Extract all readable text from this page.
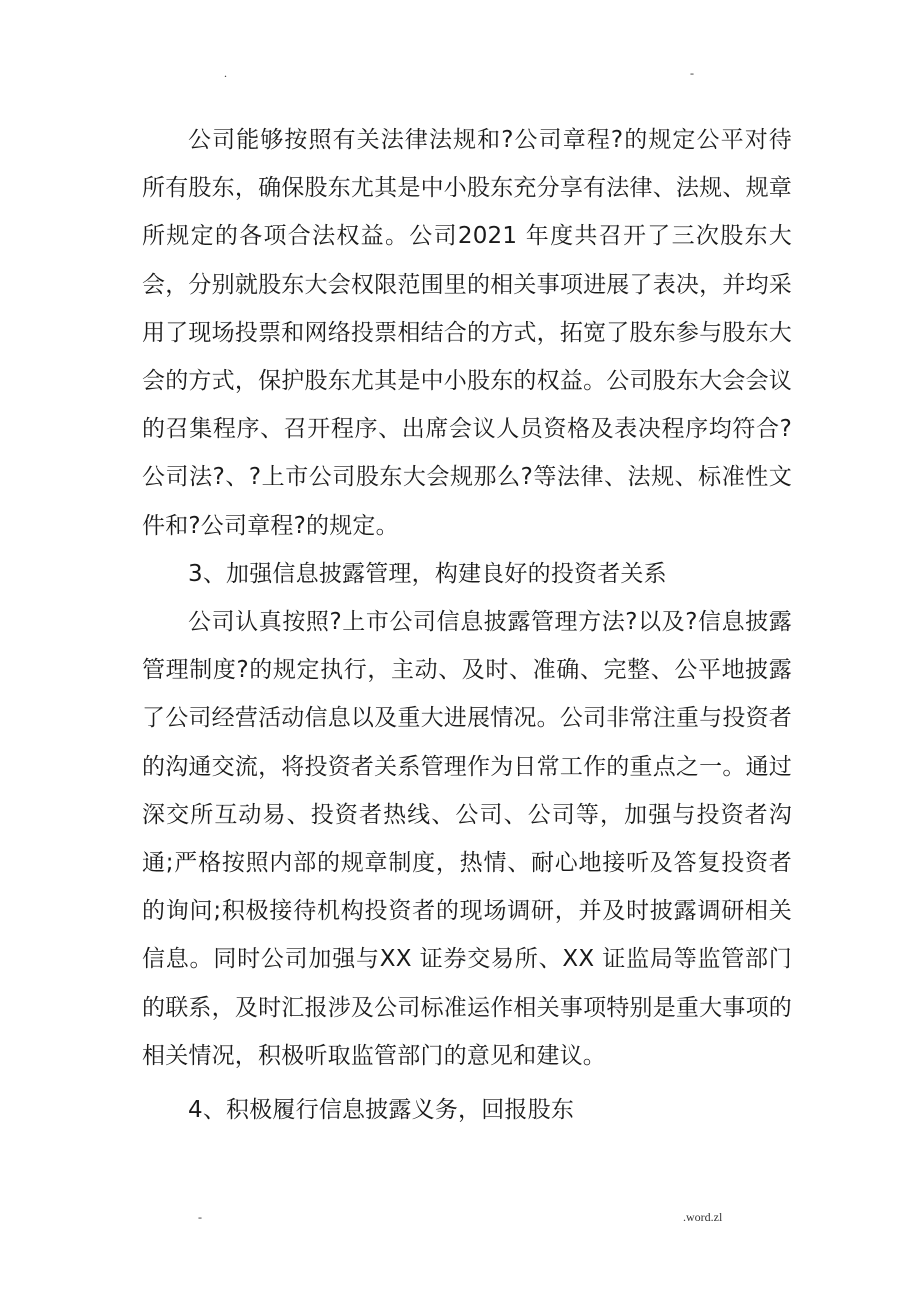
.	-

公司能够按照有关法律法规和?公司章程?的规定公平对待所有股东，确保股东尤其是中小股东充分享有法律、法规、规章所规定的各项合法权益。公司2021 年度共召开了三次股东大会，分别就股东大会权限范围里的相关事项进展了表决，并均采用了现场投票和网络投票相结合的方式，拓宽了股东参与股东大会的方式，保护股东尤其是中小股东的权益。公司股东大会会议的召集程序、召开程序、出席会议人员资格及表决程序均符合?公司法?、?上市公司股东大会规那么?等法律、法规、标准性文件和?公司章程?的规定。

3、加强信息披露管理，构建良好的投资者关系

公司认真按照?上市公司信息披露管理方法?以及?信息披露管理制度?的规定执行，主动、及时、准确、完整、公平地披露了公司经营活动信息以及重大进展情况。公司非常注重与投资者的沟通交流，将投资者关系管理作为日常工作的重点之一。通过深交所互动易、投资者热线、公司、公司等，加强与投资者沟通;严格按照内部的规章制度，热情、耐心地接听及答复投资者的询问;积极接待机构投资者的现场调研，并及时披露调研相关信息。同时公司加强与XX 证券交易所、XX 证监局等监管部门的联系，及时汇报涉及公司标准运作相关事项特别是重大事项的相关情况，积极听取监管部门的意见和建议。

4、积极履行信息披露义务，回报股东

-	.word.zl
